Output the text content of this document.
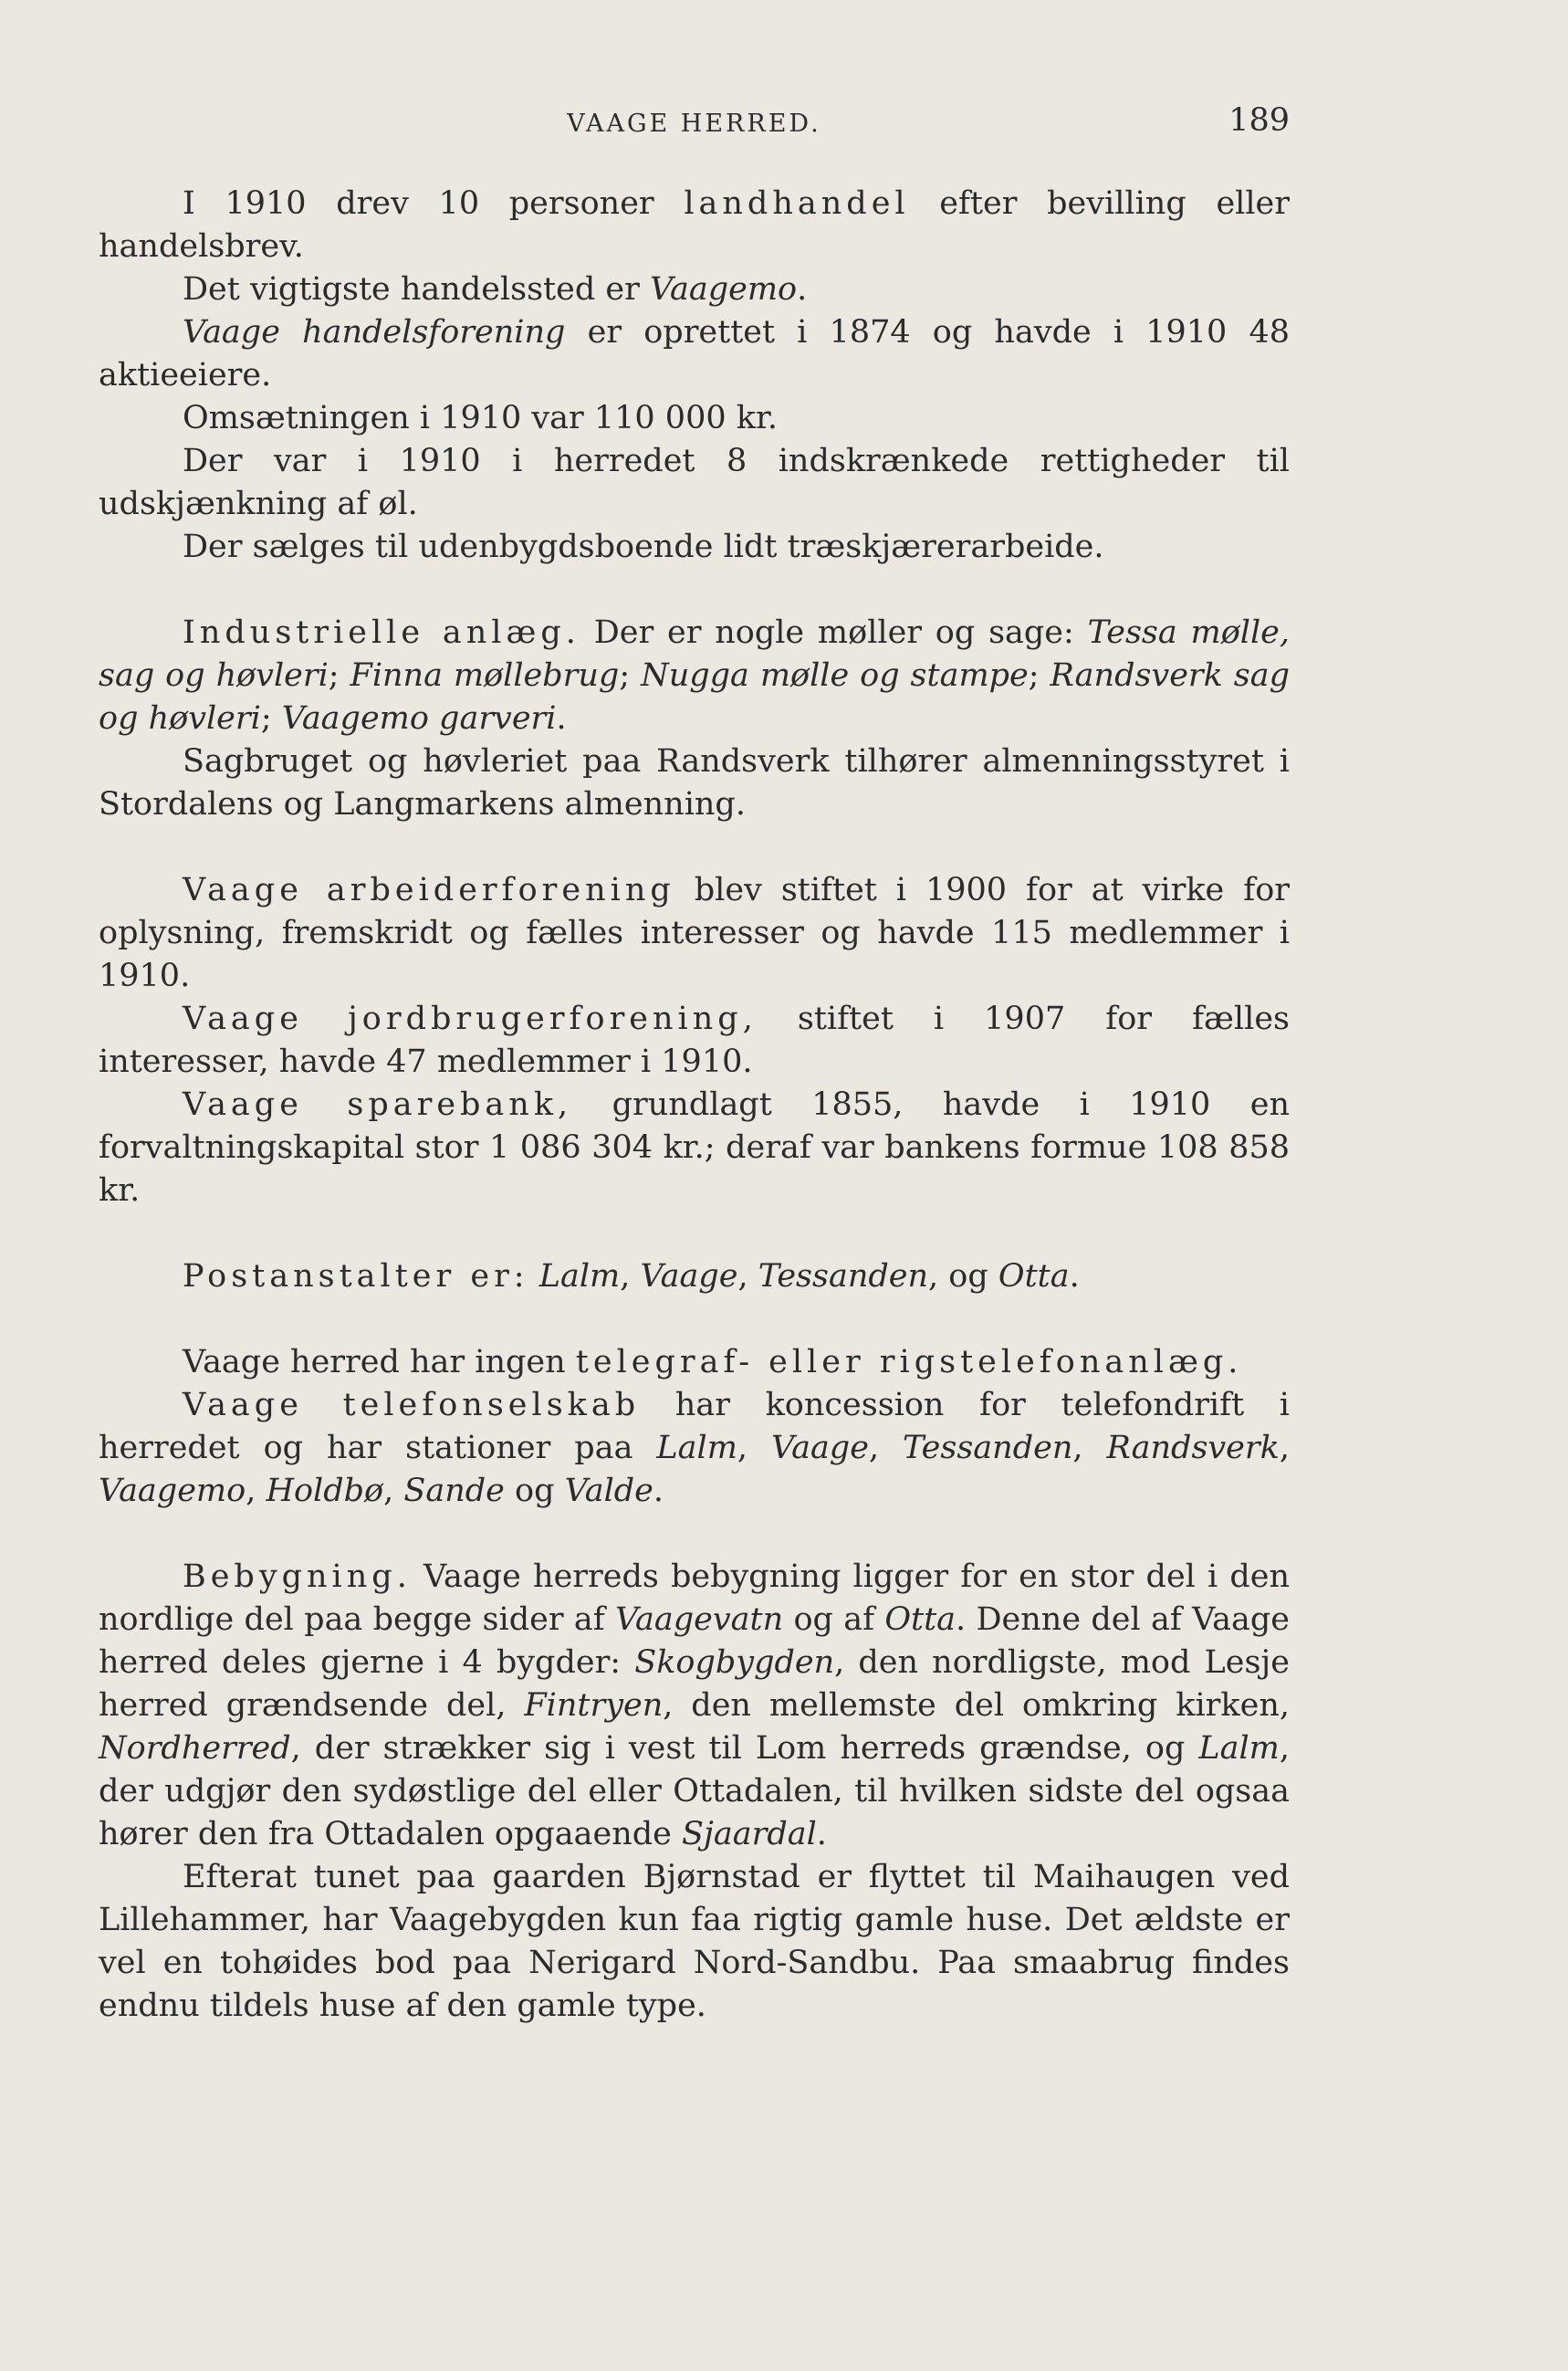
VAAGE HERRED.	189

I 1910 drev 10 personer landhandel efter bevilling eller handelsbrev.

Det vigtigste handelssted er Vaagemo.

Vaage handelsforening er oprettet i 1874 og havde i 1910 48 aktieeiere.

Omsætningen i 1910 var 110 000 kr.

Der var i 1910 i herredet 8 indskrænkede rettigheder til udskjænkning af øl.

Der sælges til udenbygdsboende lidt træskjærerarbeide.

Industrielle anlæg. Der er nogle møller og sage: Tessa mølle, sag og høvleri; Finna møllebrug; Nugga mølle og stampe; Randsverk sag og høvleri; Vaagemo garveri.

Sagbruget og høvleriet paa Randsverk tilhører almenningsstyret i Stordalens og Langmarkens almenning.

Vaage arbeiderforening blev stiftet i 1900 for at virke for oplysning, fremskridt og fælles interesser og havde 115 medlemmer i 1910.

Vaage jordbrugerforening, stiftet i 1907 for fælles interesser, havde 47 medlemmer i 1910.

Vaage sparebank, grundlagt 1855, havde i 1910 en forvaltningskapital stor 1 086 304 kr.; deraf var bankens formue 108 858 kr.

Postanstalter er: Lalm, Vaage, Tessanden, og Otta.

Vaage herred har ingen telegraf- eller rigstelefonanlæg.

Vaage telefonselskab har koncession for telefondrift i herredet og har stationer paa Lalm, Vaage, Tessanden, Randsverk, Vaagemo, Holdbø, Sande og Valde.

Bebygning. Vaage herreds bebygning ligger for en stor del i den nordlige del paa begge sider af Vaagevatn og af Otta. Denne del af Vaage herred deles gjerne i 4 bygder: Skogbygden, den nordligste, mod Lesje herred grændsende del, Fintryen, den mellemste del omkring kirken, Nordherred, der strækker sig i vest til Lom herreds grændse, og Lalm, der udgjør den sydøstlige del eller Ottadalen, til hvilken sidste del ogsaa hører den fra Ottadalen opgaaende Sjaardal.

Efterat tunet paa gaarden Bjørnstad er flyttet til Maihaugen ved Lillehammer, har Vaagebygden kun faa rigtig gamle huse. Det ældste er vel en tohøides bod paa Nerigard Nord-Sandbu. Paa smaabrug findes endnu tildels huse af den gamle type.
